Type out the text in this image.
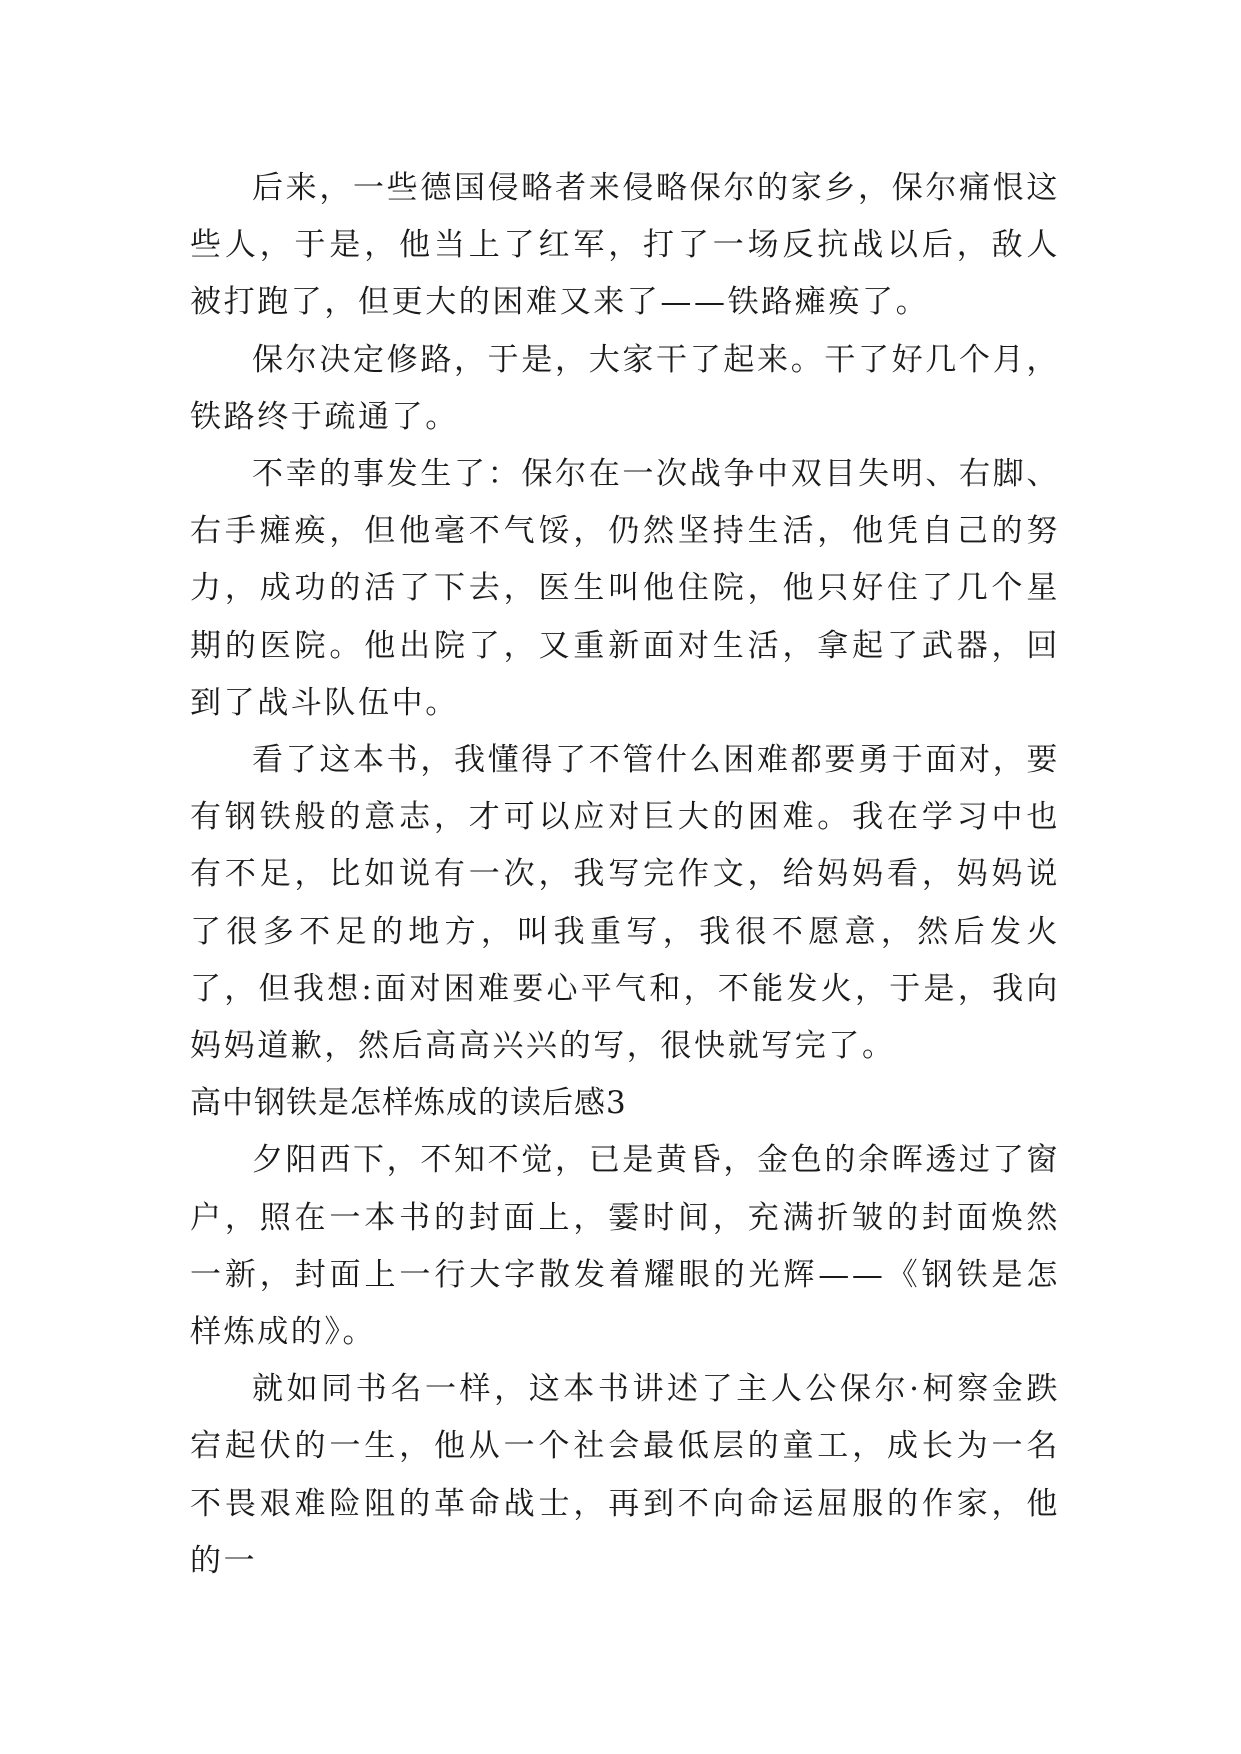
后来，一些德国侵略者来侵略保尔的家乡，保尔痛恨这些人，于是，他当上了红军，打了一场反抗战以后，敌人被打跑了，但更大的困难又来了——铁路瘫痪了。

保尔决定修路，于是，大家干了起来。干了好几个月，铁路终于疏通了。

不幸的事发生了：保尔在一次战争中双目失明、右脚、右手瘫痪，但他毫不气馁，仍然坚持生活，他凭自己的努力，成功的活了下去，医生叫他住院，他只好住了几个星期的医院。他出院了，又重新面对生活，拿起了武器，回到了战斗队伍中。

看了这本书，我懂得了不管什么困难都要勇于面对，要有钢铁般的意志，才可以应对巨大的困难。我在学习中也有不足，比如说有一次，我写完作文，给妈妈看，妈妈说了很多不足的地方，叫我重写，我很不愿意，然后发火了，但我想:面对困难要心平气和，不能发火，于是，我向妈妈道歉，然后高高兴兴的写，很快就写完了。

高中钢铁是怎样炼成的读后感3

夕阳西下，不知不觉，已是黄昏，金色的余晖透过了窗户，照在一本书的封面上，霎时间，充满折皱的封面焕然一新，封面上一行大字散发着耀眼的光辉——《钢铁是怎样炼成的》。

就如同书名一样，这本书讲述了主人公保尔·柯察金跌宕起伏的一生，他从一个社会最低层的童工，成长为一名不畏艰难险阻的革命战士，再到不向命运屈服的作家，他的一
